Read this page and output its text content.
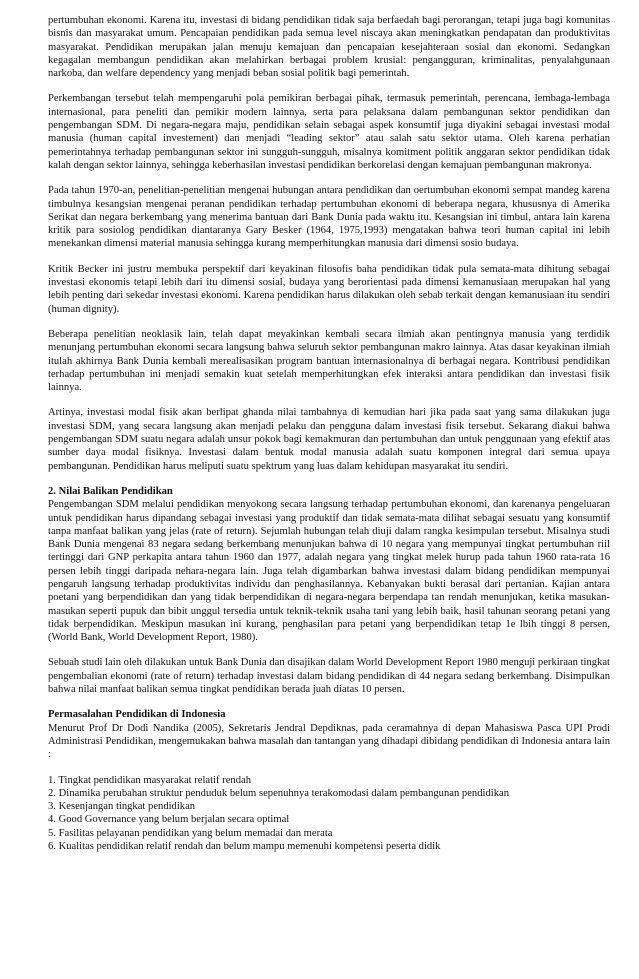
pertumbuhan ekonomi. Karena itu, investasi di bidang pendidikan tidak saja berfaedah bagi perorangan, tetapi juga bagi komunitas bisnis dan masyarakat umum. Pencapaian pendidikan pada semua level niscaya akan meningkatkan pendapatan dan produktivitas masyarakat. Pendidikan merupakan jalan menuju kemajuan dan pencapaian kesejahteraan sosial dan ekonomi. Sedangkan kegagalan membangun pendidikan akan melahirkan berbagai problem krusial: pengangguran, kriminalitas, penyalahgunaan narkoba, dan welfare dependency yang menjadi beban sosial politik bagi pemerintah.

Perkembangan tersebut telah mempengaruhi pola pemikiran berbagai pihak, termasuk pemerintah, perencana, lembaga-lembaga internasional, para peneliti dan pemikir modern lainnya, serta para pelaksana dalam pembangunan sektor pendidikan dan pengembangan SDM. Di negara-negara maju, pendidikan selain sebagai aspek konsumtif juga diyakini sebagai investasi modal manusia (human capital investement) dan menjadi “leading sektor” atau salah satu sektor utama. Oleh karena perhatian pemerintahnya terhadap pembangunan sektor ini sungguh-sungguh, misalnya komitment politik anggaran sektor pendidikan tidak kalah dengan sektor lainnya, sehingga keberhasilan investasi pendidikan berkorelasi dengan kemajuan pembangunan makronya.

Pada tahun 1970-an, penelitian-penelitian mengenai hubungan antara pendidikan dan oertumbuhan ekonomi sempat mandeg karena timbulnya kesangsian mengenai peranan pendidikan terhadap pertumbuhan ekonomi di beberapa negara, khususnya di Amerika Serikat dan negara berkembang yang menerima bantuan dari Bank Dunia pada waktu itu. Kesangsian ini timbul, antara lain karena kritik para sosiolog pendidikan diantaranya Gary Besker (1964, 1975,1993) mengatakan bahwa teori human capital ini lebih menekankan dimensi material manusia sehingga kurang memperhitungkan manusia dari dimensi sosio budaya.

Kritik Becker ini justru membuka perspektif dari keyakinan filosofis baha pendidikan tidak pula semata-mata dihitung sebagai investasi ekonomis tetapi lebih dari itu dimensi sosial, budaya yang berorientasi pada dimensi kemanusiaan merupakan hal yang lebih penting dari sekedar investasi ekonomi. Karena pendidikan harus dilakukan oleh sebab terkait dengan kemanusiaan itu sendiri (human dignity).

Beberapa penelitian neoklasik lain, telah dapat meyakinkan kembali secara ilmiah akan pentingnya manusia yang terdidik menunjang pertumbuhan ekonomi secara langsung bahwa seluruh sektor pembangunan makro lainnya. Atas dasar keyakinan ilmiah itulah akhirnya Bank Dunia kembali merealisasikan program bantuan internasionalnya di berbagai negara. Kontribusi pendidikan terhadap pertumbuhan ini menjadi semakin kuat setelah memperhitungkan efek interaksi antara pendidikan dan investasi fisik lainnya.

Artinya, investasi modal fisik akan berlipat ghanda nilai tambahnya di kemudian hari jika pada saat yang sama dilakukan juga investasi SDM, yang secara langsung akan menjadi pelaku dan pengguna dalam investasi fisik tersebut. Sekarang diakui bahwa pengembangan SDM suatu negara adalah unsur pokok bagi kemakmuran dan pertumbuhan dan untuk penggunaan yang efektif atas sumber daya modal fisiknya. Investasi dalam bentuk modal manusia adalah suatu komponen integral dari semua upaya pembangunan. Pendidikan harus meliputi suatu spektrum yang luas dalam kehidupan masyarakat itu sendiri.

2. Nilai Balikan Pendidikan

Pengembangan SDM melalui pendidikan menyokong secara langsung terhadap pertumbuhan ekonomi, dan karenanya pengeluaran untuk pendidikan harus dipandang sebagai investasi yang produktif dan tidak semata-mata dilihat sebagai sesuatu yang konsumtif tanpa manfaat balikan yang jelas (rate of return). Sejumlah hubungan telah diuji dalam rangka kesimpulan tersebut. Misalnya studi Bank Dunia mengenai 83 negara sedang berkembang menunjukan bahwa di 10 negara yang mempunyai tingkat pertumbuhan riil tertinggi dari GNP perkapita antara tahun 1960 dan 1977, adalah negara yang tingkat melek hurup pada tahun 1960 rata-rata 16 persen lebih tinggi daripada nehara-negara lain. Juga telah digambarkan bahwa investasi dalam bidang pendidikan mempunyai pengaruh langsung terhadap produktivitas individu dan penghasilannya. Kebanyakan bukti berasal dari pertanian. Kajian antara poetani yang berpendidikan dan yang tidak berpendidikan di negara-negara berpendapa tan rendah menunjukan, ketika masukan-masukan seperti pupuk dan bibit unggul tersedia untuk teknik-teknik usaha tani yang lebih baik, hasil tahunan seorang petani yang tidak berpendidikan. Meskipun masukan ini kurang, penghasilan para petani yang berpendidikan tetap 1e lbih tinggi 8 persen, (World Bank, World Development Report, 1980).

Sebuah studi lain oleh dilakukan untuk Bank Dunia dan disajikan dalam World Development Report 1980 menguji perkiraan tingkat pengembalian ekonomi (rate of return) terhadap investasi dalam bidang pendidikan di 44 negara sedang berkembang. Disimpulkan bahwa nilai manfaat balikan semua tingkat pendidikan berada juah diatas 10 persen.

Permasalahan Pendidikan di Indonesia

Menurut Prof Dr Dodi Nandika (2005), Sekretaris Jendral Depdiknas, pada ceramahnya di depan Mahasiswa Pasca UPI Prodi Administrasi Pendidikan, mengemukakan bahwa masalah dan tantangan yang dihadapi dibidang pendidikan di Indonesia antara lain :

1. Tingkat pendidikan masyarakat relatif rendah
2. Dinamika perubahan struktur penduduk belum sepenuhnya terakomodasi dalam pembangunan pendidikan
3. Kesenjangan tingkat pendidikan
4. Good Governance yang belum berjalan secara optimal
5. Fasilitas pelayanan pendidikan yang belum memadai dan merata
6. Kualitas pendidikan relatif rendah dan belum mampu memenuhi kompetensi peserta didik
